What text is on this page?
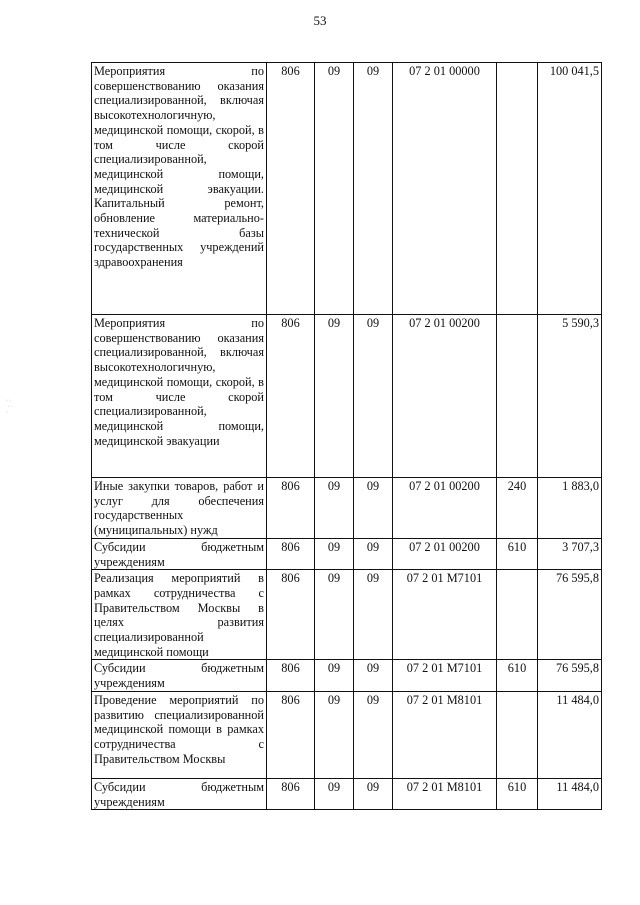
53
· ·
· ·
·
Мероприятия по совершенствованию оказания специализированной, включая высокотехнологичную, медицинской помощи, скорой, в том числе скорой специализированной, медицинской помощи, медицинской эвакуации. Капитальный ремонт, обновление материально-технической базы государственных учреждений здравоохранения	806	09	09	07 2 01 00000		100 041,5
Мероприятия по совершенствованию оказания специализированной, включая высокотехнологичную, медицинской помощи, скорой, в том числе скорой специализированной, медицинской помощи, медицинской эвакуации	806	09	09	07 2 01 00200		5 590,3
Иные закупки товаров, работ и услуг для обеспечения государственных (муниципальных) нужд	806	09	09	07 2 01 00200	240	1 883,0
Субсидии бюджетным учреждениям	806	09	09	07 2 01 00200	610	3 707,3
Реализация мероприятий в рамках сотрудничества с Правительством Москвы в целях развития специализированной медицинской помощи	806	09	09	07 2 01 M7101		76 595,8
Субсидии бюджетным учреждениям	806	09	09	07 2 01 M7101	610	76 595,8
Проведение мероприятий по развитию специализированной медицинской помощи в рамках сотрудничества с Правительством Москвы	806	09	09	07 2 01 M8101		11 484,0
Субсидии бюджетным учреждениям	806	09	09	07 2 01 M8101	610	11 484,0
